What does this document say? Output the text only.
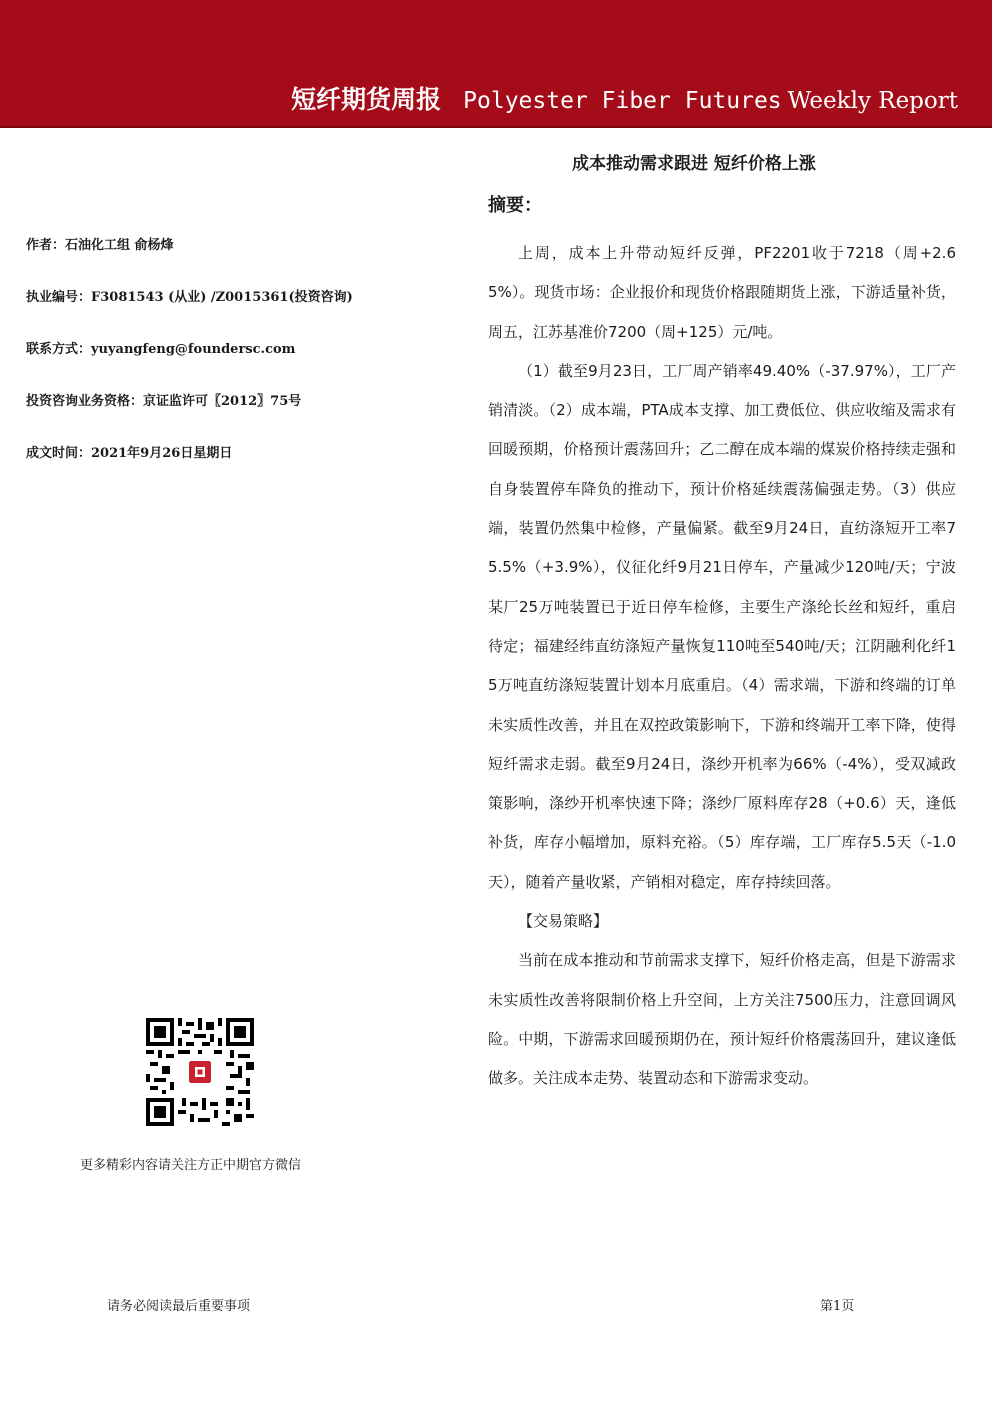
短纤期货周报 Polyester Fiber Futures Weekly Report
作者：石油化工组 俞杨烽
执业编号：F3081543 (从业) /Z0015361(投资咨询)
联系方式：yuyangfeng@foundersc.com
投资咨询业务资格：京证监许可〖2012〗75号
成文时间：2021年9月26日星期日
更多精彩内容请关注方正中期官方微信
成本推动需求跟进 短纤价格上涨
摘要：

上周，成本上升带动短纤反弹，PF2201收于7218（周+2.65%）。现货市场：企业报价和现货价格跟随期货上涨，下游适量补货，周五，江苏基准价7200（周+125）元/吨。

（1）截至9月23日，工厂周产销率49.40%（-37.97%），工厂产销清淡。（2）成本端，PTA成本支撑、加工费低位、供应收缩及需求有回暖预期，价格预计震荡回升；乙二醇在成本端的煤炭价格持续走强和自身装置停车降负的推动下，预计价格延续震荡偏强走势。（3）供应端，装置仍然集中检修，产量偏紧。截至9月24日，直纺涤短开工率75.5%（+3.9%），仪征化纤9月21日停车，产量减少120吨/天；宁波某厂25万吨装置已于近日停车检修，主要生产涤纶长丝和短纤，重启待定；福建经纬直纺涤短产量恢复110吨至540吨/天；江阴融利化纤15万吨直纺涤短装置计划本月底重启。（4）需求端，下游和终端的订单未实质性改善，并且在双控政策影响下，下游和终端开工率下降，使得短纤需求走弱。截至9月24日，涤纱开机率为66%（-4%），受双减政策影响，涤纱开机率快速下降；涤纱厂原料库存28（+0.6）天，逢低补货，库存小幅增加，原料充裕。（5）库存端，工厂库存5.5天（-1.0天），随着产量收紧，产销相对稳定，库存持续回落。

【交易策略】

当前在成本推动和节前需求支撑下，短纤价格走高，但是下游需求未实质性改善将限制价格上升空间，上方关注7500压力，注意回调风险。中期，下游需求回暖预期仍在，预计短纤价格震荡回升，建议逢低做多。关注成本走势、装置动态和下游需求变动。

请务必阅读最后重要事项	第1页
